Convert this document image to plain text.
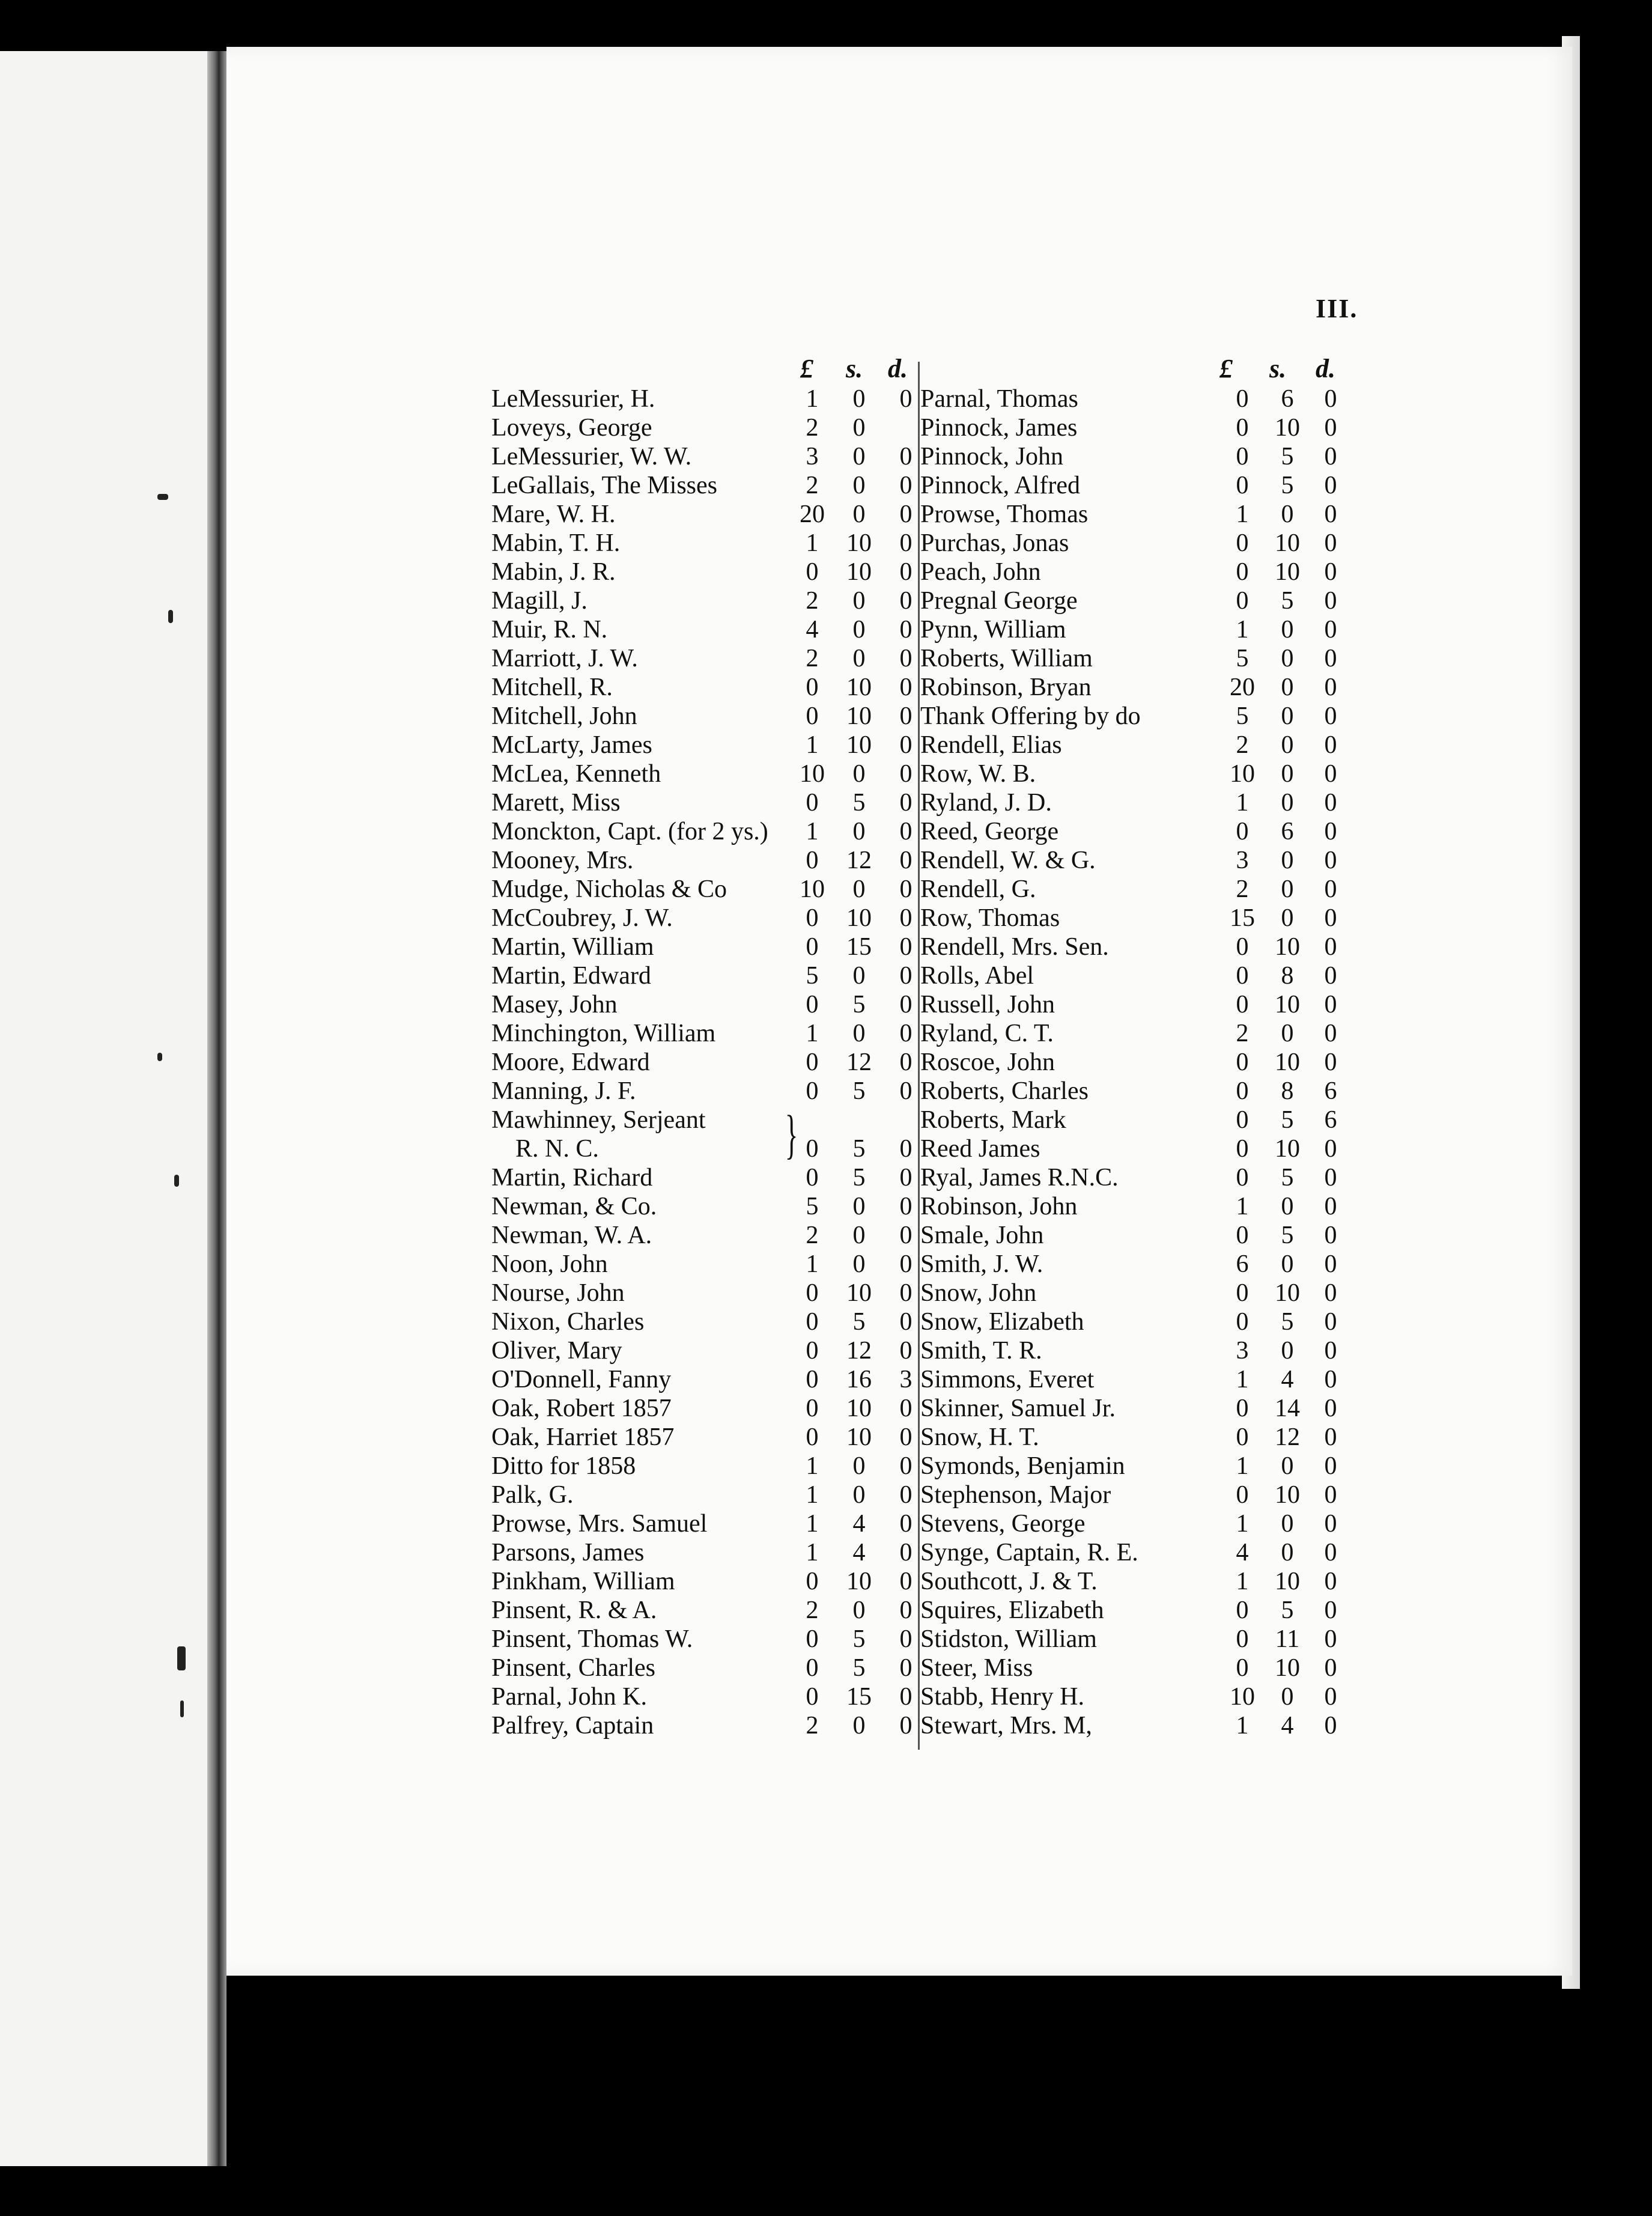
III.
£ s. d.	£ s. d.
}
LeMessurier, H.	1	0	0 Parnal, Thomas	0	6	0
Loveys, George	2	0	Pinnock, James	0	10 0
LeMessurier, W. W.	3	0	0 Pinnock, John	0	5	0
LeGallais, The Misses	2	0	0 Pinnock, Alfred	0	5	0
Mare, W. H.	20	0	0 Prowse, Thomas	1	0	0
Mabin, T. H.	1	10	0 Purchas, Jonas	0	10 0
Mabin, J. R.	0	10	0 Peach, John	0	10 0
Magill, J.	2	0	0 Pregnal George	0	5	0
Muir, R. N.	4	0	0 Pynn, William	1	0	0
Marriott, J. W.	2	0	0 Roberts, William	5	0	0
Mitchell, R.	0	10	0 Robinson, Bryan	20	0	0
Mitchell, John	0	10	0 Thank Offering by do	5	0	0
McLarty, James	1	10	0 Rendell, Elias	2	0	0
McLea, Kenneth	10	0	0 Row, W. B.	10	0	0
Marett, Miss	0	5	0 Ryland, J. D.	1	0	0
Monckton, Capt. (for 2 ys.)	1	0	0 Reed, George	0	6	0
Mooney, Mrs.	0	12	0 Rendell, W. & G.	3	0	0
Mudge, Nicholas & Co	10	0	0 Rendell, G.	2	0	0
McCoubrey, J. W.	0	10	0 Row, Thomas	15	0	0
Martin, William	0	15	0 Rendell, Mrs. Sen.	0	10 0
Martin, Edward	5	0	0 Rolls, Abel	0	8	0
Masey, John	0	5	0 Russell, John	0	10 0
Minchington, William	1	0	0 Ryland, C. T.	2	0	0
Moore, Edward	0	12	0 Roscoe, John	0	10 0
Manning, J. F.	0	5	0 Roberts, Charles	0	8	6
Mawhinney, Serjeant	Roberts, Mark	0	5	6
R. N. C.	0	5	0 Reed James	0	10 0
Martin, Richard	0	5	0 Ryal, James R.N.C.	0	5	0
Newman, & Co.	5	0	0 Robinson, John	1	0	0
Newman, W. A.	2	0	0 Smale, John	0	5	0
Noon, John	1	0	0 Smith, J. W.	6	0	0
Nourse, John	0	10	0 Snow, John	0	10 0
Nixon, Charles	0	5	0 Snow, Elizabeth	0	5	0
Oliver, Mary	0	12	0 Smith, T. R.	3	0	0
O'Donnell, Fanny	0	16	3 Simmons, Everet	1	4	0
Oak, Robert 1857	0	10	0 Skinner, Samuel Jr.	0	14 0
Oak, Harriet 1857	0	10	0 Snow, H. T.	0	12 0
Ditto for 1858	1	0	0 Symonds, Benjamin	1	0	0
Palk, G.	1	0	0 Stephenson, Major	0	10 0
Prowse, Mrs. Samuel	1	4	0 Stevens, George	1	0	0
Parsons, James	1	4	0 Synge, Captain, R. E.	4	0	0
Pinkham, William	0	10	0 Southcott, J. & T.	1	10 0
Pinsent, R. & A.	2	0	0 Squires, Elizabeth	0	5	0
Pinsent, Thomas W.	0	5	0 Stidston, William	0	11 0
Pinsent, Charles	0	5	0 Steer, Miss	0	10 0
Parnal, John K.	0	15	0 Stabb, Henry H.	10	0	0
Palfrey, Captain	2	0	0 Stewart, Mrs. M,	1	4	0
